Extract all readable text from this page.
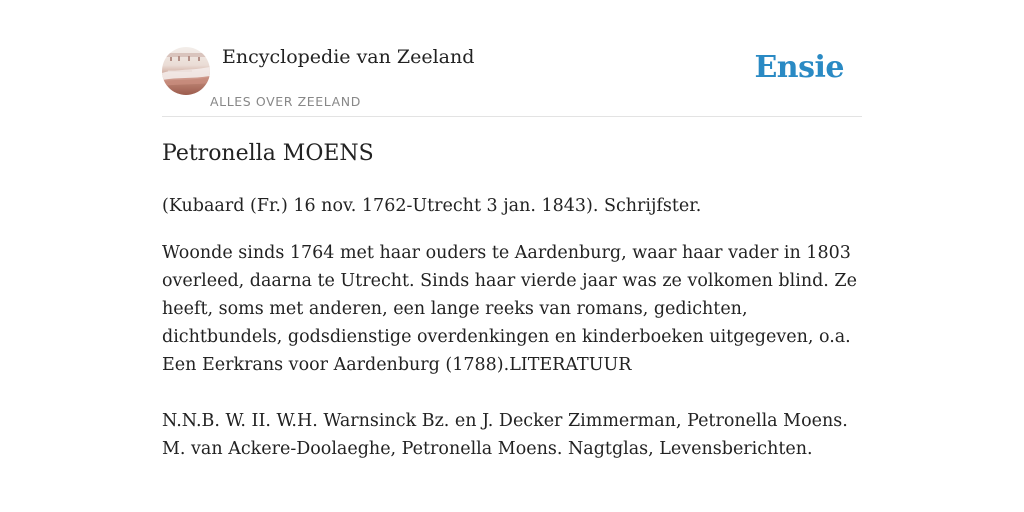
Encyclopedie van Zeeland
ALLES OVER ZEELAND
Ensie
Petronella MOENS

(Kubaard (Fr.) 16 nov. 1762-Utrecht 3 jan. 1843). Schrijfster.

Woonde sinds 1764 met haar ouders te Aardenburg, waar haar vader in 1803 overleed, daarna te Utrecht. Sinds haar vierde jaar was ze volkomen blind. Ze heeft, soms met anderen, een lange reeks van romans, gedichten, dichtbundels, godsdienstige overdenkingen en kinderboeken uitgegeven, o.a. Een Eerkrans voor Aardenburg (1788).LITERATUUR

N.N.B. W. II. W.H. Warnsinck Bz. en J. Decker Zimmerman, Petronella Moens. M. van Ackere-Doolaeghe, Petronella Moens. Nagtglas, Levensberichten.
